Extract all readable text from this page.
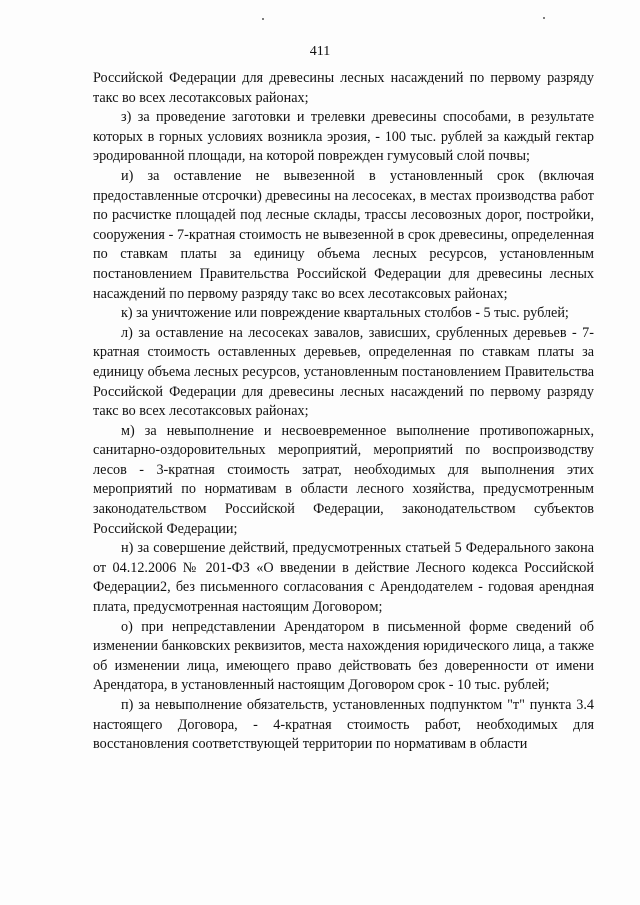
411

Российской Федерации для древесины лесных насаждений по первому разряду такс во всех лесотаксовых районах;

з) за проведение заготовки и трелевки древесины способами, в результате которых в горных условиях возникла эрозия, - 100 тыс. рублей за каждый гектар эродированной площади, на которой поврежден гумусовый слой почвы;

и) за оставление не вывезенной в установленный срок (включая предоставленные отсрочки) древесины на лесосеках, в местах производства работ по расчистке площадей под лесные склады, трассы лесовозных дорог, постройки, сооружения - 7-кратная стоимость не вывезенной в срок древесины, определенная по ставкам платы за единицу объема лесных ресурсов, установленным постановлением Правительства Российской Федерации для древесины лесных насаждений по первому разряду такс во всех лесотаксовых районах;

к) за уничтожение или повреждение квартальных столбов - 5 тыс. рублей;

л) за оставление на лесосеках завалов, зависших, срубленных деревьев - 7-кратная стоимость оставленных деревьев, определенная по ставкам платы за единицу объема лесных ресурсов, установленным постановлением Правительства Российской Федерации для древесины лесных насаждений по первому разряду такс во всех лесотаксовых районах;

м) за невыполнение и несвоевременное выполнение противопожарных, санитарно-оздоровительных мероприятий, мероприятий по воспроизводству лесов - 3-кратная стоимость затрат, необходимых для выполнения этих мероприятий по нормативам в области лесного хозяйства, предусмотренным законодательством Российской Федерации, законодательством субъектов Российской Федерации;

н) за совершение действий, предусмотренных статьей 5 Федерального закона от 04.12.2006 № 201-ФЗ «О введении в действие Лесного кодекса Российской Федерации2, без письменного согласования с Арендодателем - годовая арендная плата, предусмотренная настоящим Договором;

о) при непредставлении Арендатором в письменной форме сведений об изменении банковских реквизитов, места нахождения юридического лица, а также об изменении лица, имеющего право действовать без доверенности от имени Арендатора, в установленный настоящим Договором срок - 10 тыс. рублей;

п) за невыполнение обязательств, установленных подпунктом "т" пункта 3.4 настоящего Договора, - 4-кратная стоимость работ, необходимых для восстановления соответствующей территории по нормативам в области
